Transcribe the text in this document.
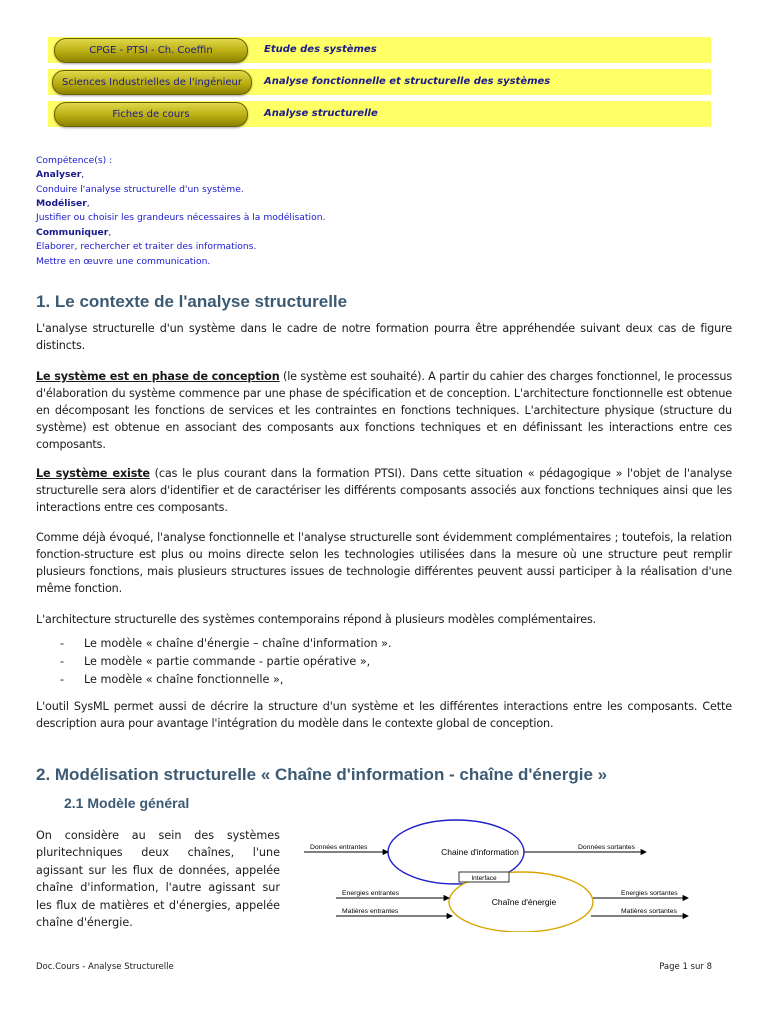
CPGE - PTSI - Ch. Coeffin	Etude des systèmes
Sciences Industrielles de l'ingénieur	Analyse fonctionnelle et structurelle des systèmes
Fiches de cours	Analyse structurelle
Compétence(s) :
Analyser,
Conduire l'analyse structurelle d'un système.
Modéliser,
Justifier ou choisir les grandeurs nécessaires à la modélisation.
Communiquer,
Elaborer, rechercher et traiter des informations.
Mettre en œuvre une communication.
1. Le contexte de l'analyse structurelle

L'analyse structurelle d'un système dans le cadre de notre formation pourra être appréhendée suivant deux cas de figure distincts.

Le système est en phase de conception (le système est souhaité). A partir du cahier des charges fonctionnel, le processus d'élaboration du système commence par une phase de spécification et de conception. L'architecture fonctionnelle est obtenue en décomposant les fonctions de services et les contraintes en fonctions techniques. L'architecture physique (structure du système) est obtenue en associant des composants aux fonctions techniques et en définissant les interactions entre ces composants.

Le système existe (cas le plus courant dans la formation PTSI). Dans cette situation « pédagogique » l'objet de l'analyse structurelle sera alors d'identifier et de caractériser les différents composants associés aux fonctions techniques ainsi que les interactions entre ces composants.

Comme déjà évoqué, l'analyse fonctionnelle et l'analyse structurelle sont évidemment complémentaires ; toutefois, la relation fonction-structure est plus ou moins directe selon les technologies utilisées dans la mesure où une structure peut remplir plusieurs fonctions, mais plusieurs structures issues de technologie différentes peuvent aussi participer à la réalisation d'une même fonction.

L'architecture structurelle des systèmes contemporains répond à plusieurs modèles complémentaires.

- Le modèle « chaîne d'énergie – chaîne d'information ».
- Le modèle « partie commande - partie opérative »,
- Le modèle « chaîne fonctionnelle »,

L'outil SysML permet aussi de décrire la structure d'un système et les différentes interactions entre les composants. Cette description aura pour avantage l'intégration du modèle dans le contexte global de conception.

2. Modélisation structurelle « Chaîne d'information - chaîne d'énergie »
2.1 Modèle général

On considère au sein des systèmes pluritechniques deux chaînes, l'une agissant sur les flux de données, appelée chaîne d'information, l'autre agissant sur les flux de matières et d'énergies, appelée chaîne d'énergie.

Interface
Chaine d'information
Chaîne d'énergie
Données entrantes	Données sortantes
Energies entrantes	Energies sortantes
Matières entrantes	Matières sortantes
Doc.Cours - Analyse Structurelle	Page 1 sur 8
